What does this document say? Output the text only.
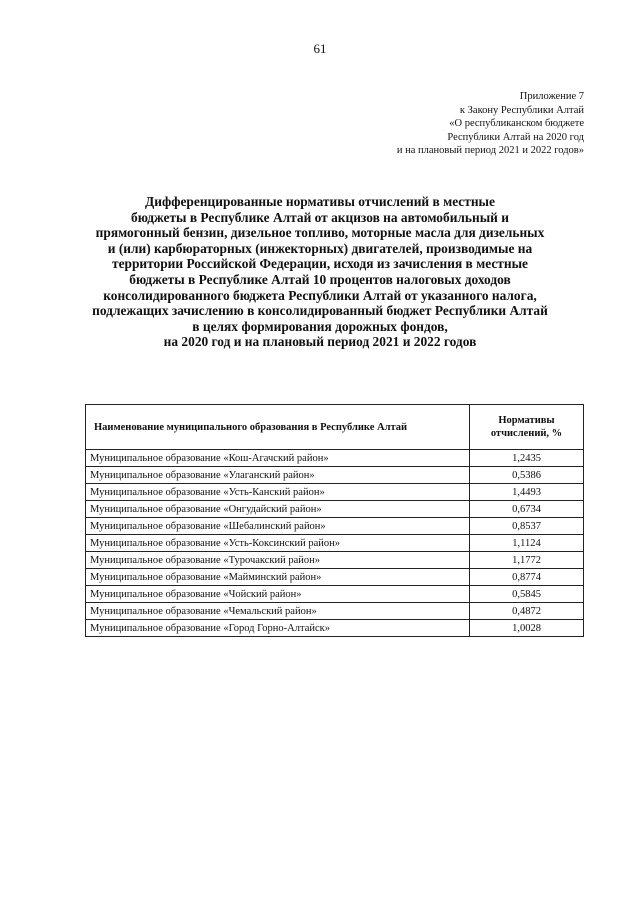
61
Приложение 7
к Закону Республики Алтай
«О республиканском бюджете
Республики Алтай на 2020 год
и на плановый период 2021 и 2022 годов»
Дифференцированные нормативы отчислений в местные
бюджеты в Республике Алтай от акцизов на автомобильный и
прямогонный бензин, дизельное топливо, моторные масла для дизельных
и (или) карбюраторных (инжекторных) двигателей, производимые на
территории Российской Федерации, исходя из зачисления в местные
бюджеты в Республике Алтай 10 процентов налоговых доходов
консолидированного бюджета Республики Алтай от указанного налога,
подлежащих зачислению в консолидированный бюджет Республики Алтай
в целях формирования дорожных фондов,
на 2020 год и на плановый период 2021 и 2022 годов
Наименование муниципального образования в Республике Алтай	Нормативы
отчислений, %
Муниципальное образование «Кош-Агачский район»	1,2435
Муниципальное образование «Улаганский район»	0,5386
Муниципальное образование «Усть-Канский район»	1,4493
Муниципальное образование «Онгудайский район»	0,6734
Муниципальное образование «Шебалинский район»	0,8537
Муниципальное образование «Усть-Коксинский район»	1,1124
Муниципальное образование «Турочакский район»	1,1772
Муниципальное образование «Майминский район»	0,8774
Муниципальное образование «Чойский район»	0,5845
Муниципальное образование «Чемальский район»	0,4872
Муниципальное образование «Город Горно-Алтайск»	1,0028
